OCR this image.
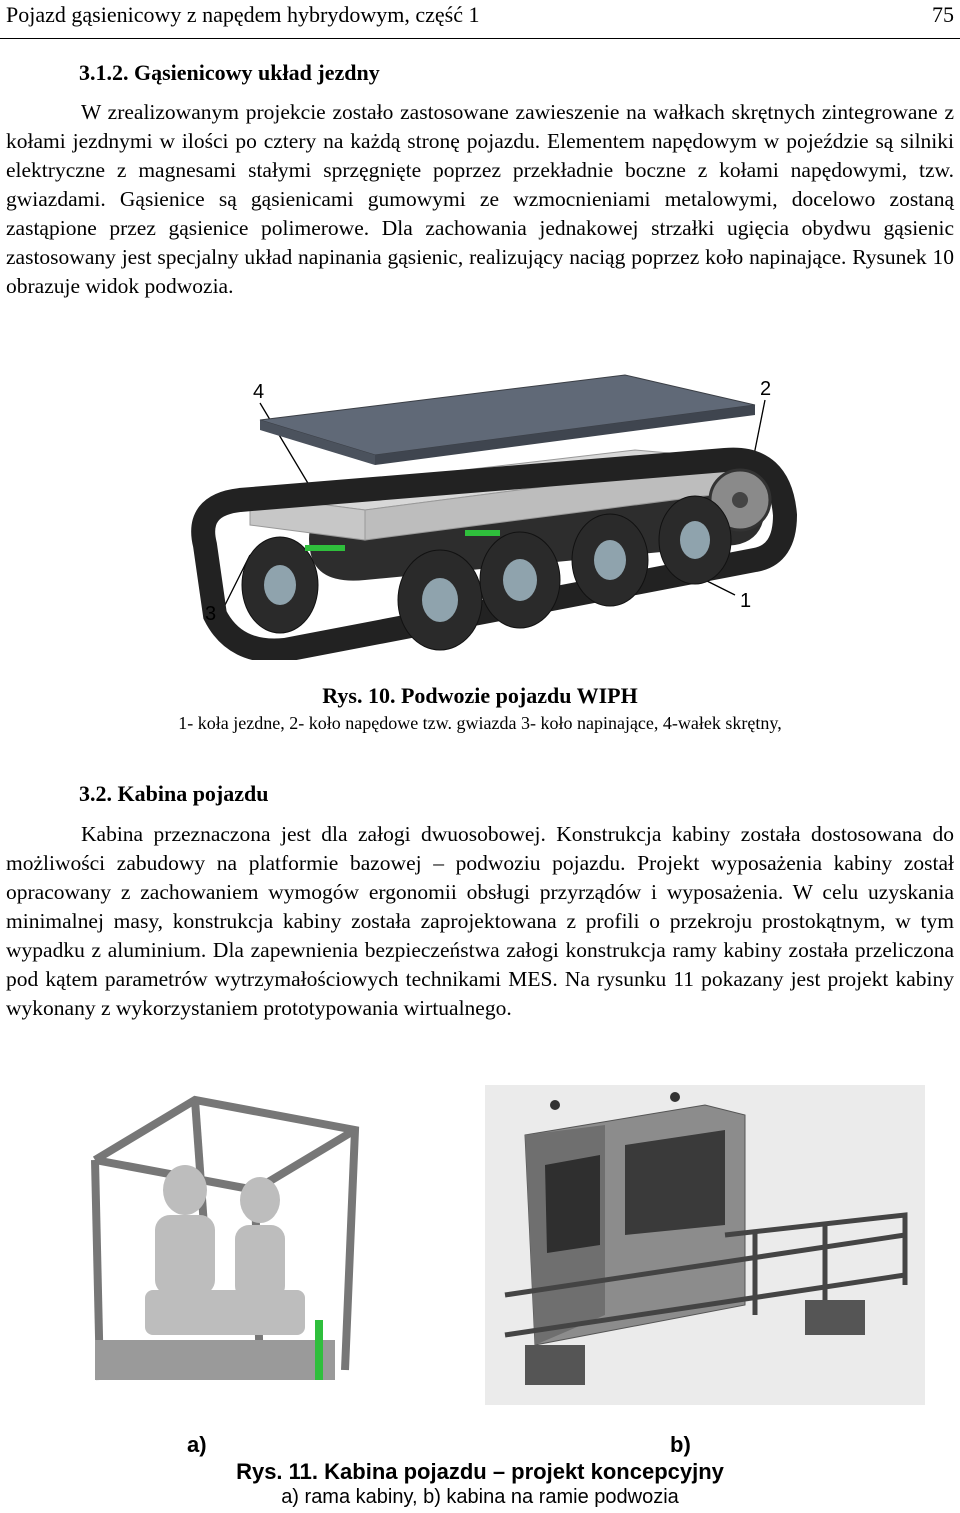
Pojazd gąsienicowy z napędem hybrydowym, część 1	75
3.1.2. Gąsienicowy układ jezdny

W zrealizowanym projekcie zostało zastosowane zawieszenie na wałkach skrętnych zintegrowane z kołami jezdnymi w ilości po cztery na każdą stronę pojazdu. Elementem napędowym w pojeździe są silniki elektryczne z magnesami stałymi sprzęgnięte poprzez przekładnie boczne z kołami napędowymi, tzw. gwiazdami. Gąsienice są gąsienicami gumowymi ze wzmocnieniami metalowymi, docelowo zostaną zastąpione przez gąsienice polimerowe. Dla zachowania jednakowej strzałki ugięcia obydwu gąsienic zastosowany jest specjalny układ napinania gąsienic, realizujący naciąg poprzez koło napinające. Rysunek 10 obrazuje widok podwozia.

4	2
3
1
Rys. 10. Podwozie pojazdu WIPH
1- koła jezdne, 2- koło napędowe tzw. gwiazda 3- koło napinające, 4-wałek skrętny,
3.2. Kabina pojazdu

Kabina przeznaczona jest dla załogi dwuosobowej. Konstrukcja kabiny została dostosowana do możliwości zabudowy na platformie bazowej – podwoziu pojazdu. Projekt wyposażenia kabiny został opracowany z zachowaniem wymogów ergonomii obsługi przyrządów i wyposażenia. W celu uzyskania minimalnej masy, konstrukcja kabiny została zaprojektowana z profili o przekroju prostokątnym, w tym wypadku z aluminium. Dla zapewnienia bezpieczeństwa załogi konstrukcja ramy kabiny została przeliczona pod kątem parametrów wytrzymałościowych technikami MES. Na rysunku 11 pokazany jest projekt kabiny wykonany z wykorzystaniem prototypowania wirtualnego.

a)	b)
Rys. 11. Kabina pojazdu – projekt koncepcyjny
a) rama kabiny, b) kabina na ramie podwozia
